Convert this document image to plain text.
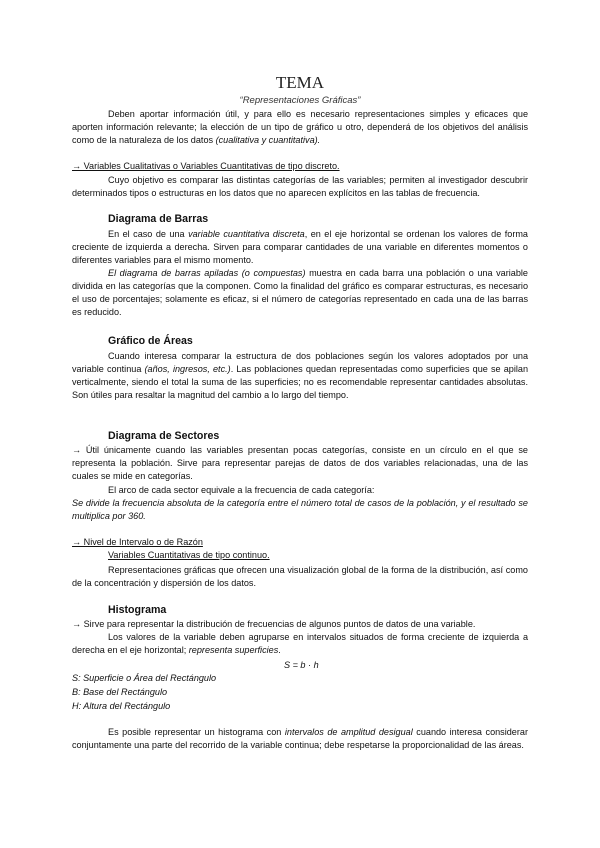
TEMA
“Representaciones Gráficas”
Deben aportar información útil, y para ello es necesario representaciones simples y eficaces que aporten información relevante; la elección de un tipo de gráfico u otro, dependerá de los objetivos del análisis como de la naturaleza de los datos (cualitativa y cuantitativa).
→ Variables Cualitativas o Variables Cuantitativas de tipo discreto.
Cuyo objetivo es comparar las distintas categorías de las variables; permiten al investigador descubrir determinados tipos o estructuras en los datos que no aparecen explícitos en las tablas de frecuencia.
Diagrama de Barras
En el caso de una variable cuantitativa discreta, en el eje horizontal se ordenan los valores de forma creciente de izquierda a derecha. Sirven para comparar cantidades de una variable en diferentes momentos o diferentes variables para el mismo momento.
El diagrama de barras apiladas (o compuestas) muestra en cada barra una población o una variable dividida en las categorías que la componen. Como la finalidad del gráfico es comparar estructuras, es necesario el uso de porcentajes; solamente es eficaz, si el número de categorías representado en cada una de las barras es reducido.
Gráfico de Áreas
Cuando interesa comparar la estructura de dos poblaciones según los valores adoptados por una variable continua (años, ingresos, etc.). Las poblaciones quedan representadas como superficies que se apilan verticalmente, siendo el total la suma de las superficies; no es recomendable representar cantidades absolutas. Son útiles para resaltar la magnitud del cambio a lo largo del tiempo.
Diagrama de Sectores
→ Útil únicamente cuando las variables presentan pocas categorías, consiste en un círculo en el que se representa la población. Sirve para representar parejas de datos de dos variables relacionadas, una de las cuales se mide en categorías.
El arco de cada sector equivale a la frecuencia de cada categoría:
Se divide la frecuencia absoluta de la categoría entre el número total de casos de la población, y el resultado se multiplica por 360.
→ Nivel de Intervalo o de Razón
Variables Cuantitativas de tipo continuo.
Representaciones gráficas que ofrecen una visualización global de la forma de la distribución, así como de la concentración y dispersión de los datos.
Histograma
→ Sirve para representar la distribución de frecuencias de algunos puntos de datos de una variable.
Los valores de la variable deben agruparse en intervalos situados de forma creciente de izquierda a derecha en el eje horizontal; representa superficies.
S = b · h
S: Superficie o Área del Rectángulo
B: Base del Rectángulo
H: Altura del Rectángulo
Es posible representar un histograma con intervalos de amplitud desigual cuando interesa considerar conjuntamente una parte del recorrido de la variable continua; debe respetarse la proporcionalidad de las áreas.
